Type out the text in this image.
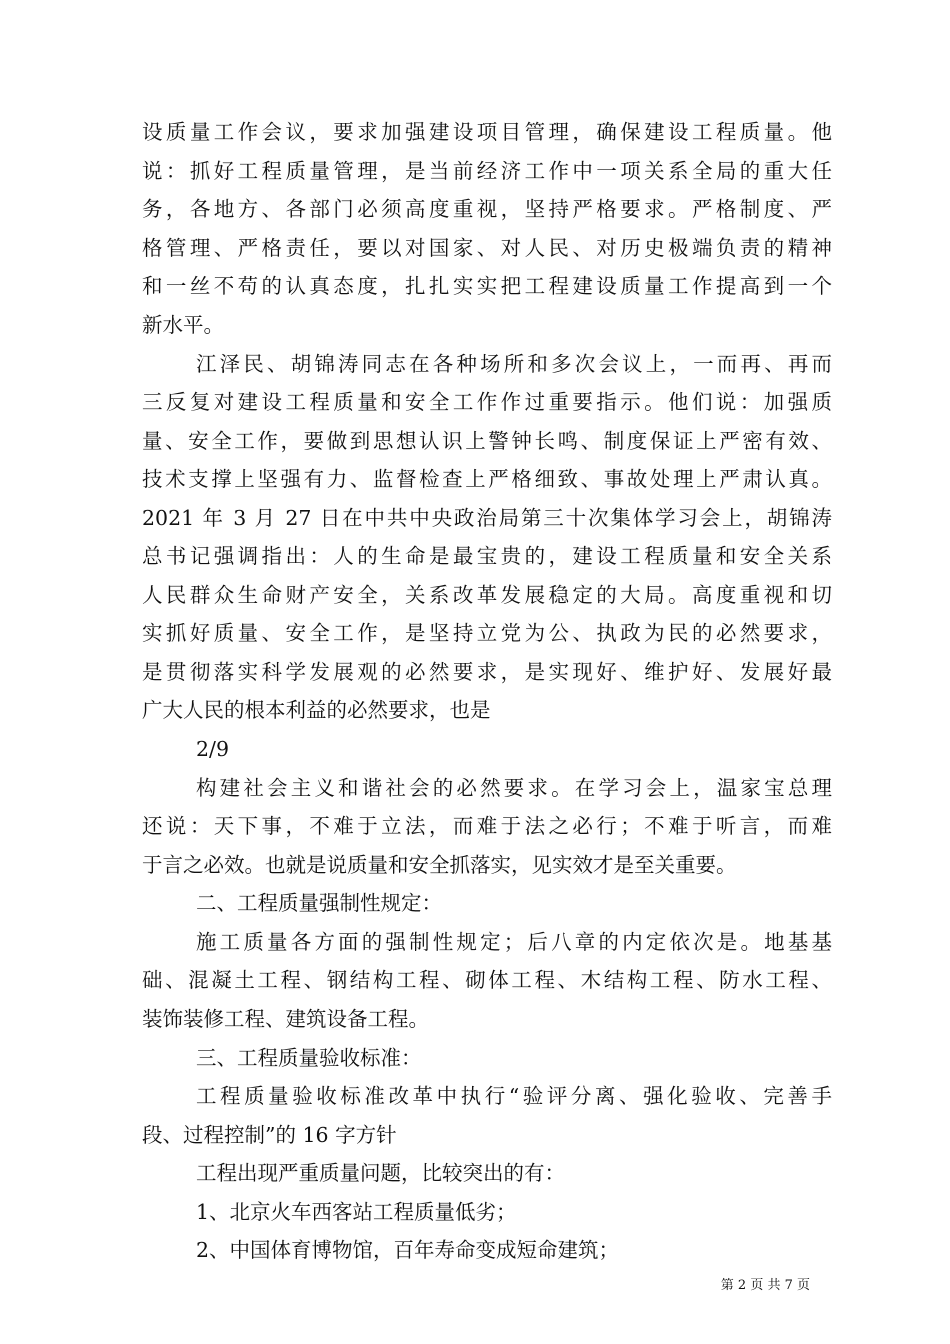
设质量工作会议，要求加强建设项目管理，确保建设工程质量。他
说：抓好工程质量管理，是当前经济工作中一项关系全局的重大任
务，各地方、各部门必须高度重视，坚持严格要求。严格制度、严
格管理、严格责任，要以对国家、对人民、对历史极端负责的精神
和一丝不苟的认真态度，扎扎实实把工程建设质量工作提高到一个
新水平。
江泽民、胡锦涛同志在各种场所和多次会议上，一而再、再而
三反复对建设工程质量和安全工作作过重要指示。他们说：加强质
量、安全工作，要做到思想认识上警钟长鸣、制度保证上严密有效、
技术支撑上坚强有力、监督检查上严格细致、事故处理上严肃认真。
2021 年 3 月 27 日在中共中央政治局第三十次集体学习会上，胡锦涛
总书记强调指出：人的生命是最宝贵的，建设工程质量和安全关系
人民群众生命财产安全，关系改革发展稳定的大局。高度重视和切
实抓好质量、安全工作，是坚持立党为公、执政为民的必然要求，
是贯彻落实科学发展观的必然要求，是实现好、维护好、发展好最
广大人民的根本利益的必然要求，也是
2/9
构建社会主义和谐社会的必然要求。在学习会上，温家宝总理
还说：天下事，不难于立法，而难于法之必行；不难于听言，而难
于言之必效。也就是说质量和安全抓落实，见实效才是至关重要。
二、工程质量强制性规定：
施工质量各方面的强制性规定；后八章的内定依次是。地基基
础、混凝土工程、钢结构工程、砌体工程、木结构工程、防水工程、
装饰装修工程、建筑设备工程。
三、工程质量验收标准：
工程质量验收标准改革中执行“验评分离、强化验收、完善手
段、过程控制”的 16 字方针
工程出现严重质量问题，比较突出的有：
1、北京火车西客站工程质量低劣；
2、中国体育博物馆，百年寿命变成短命建筑；
第 2 页 共 7 页
